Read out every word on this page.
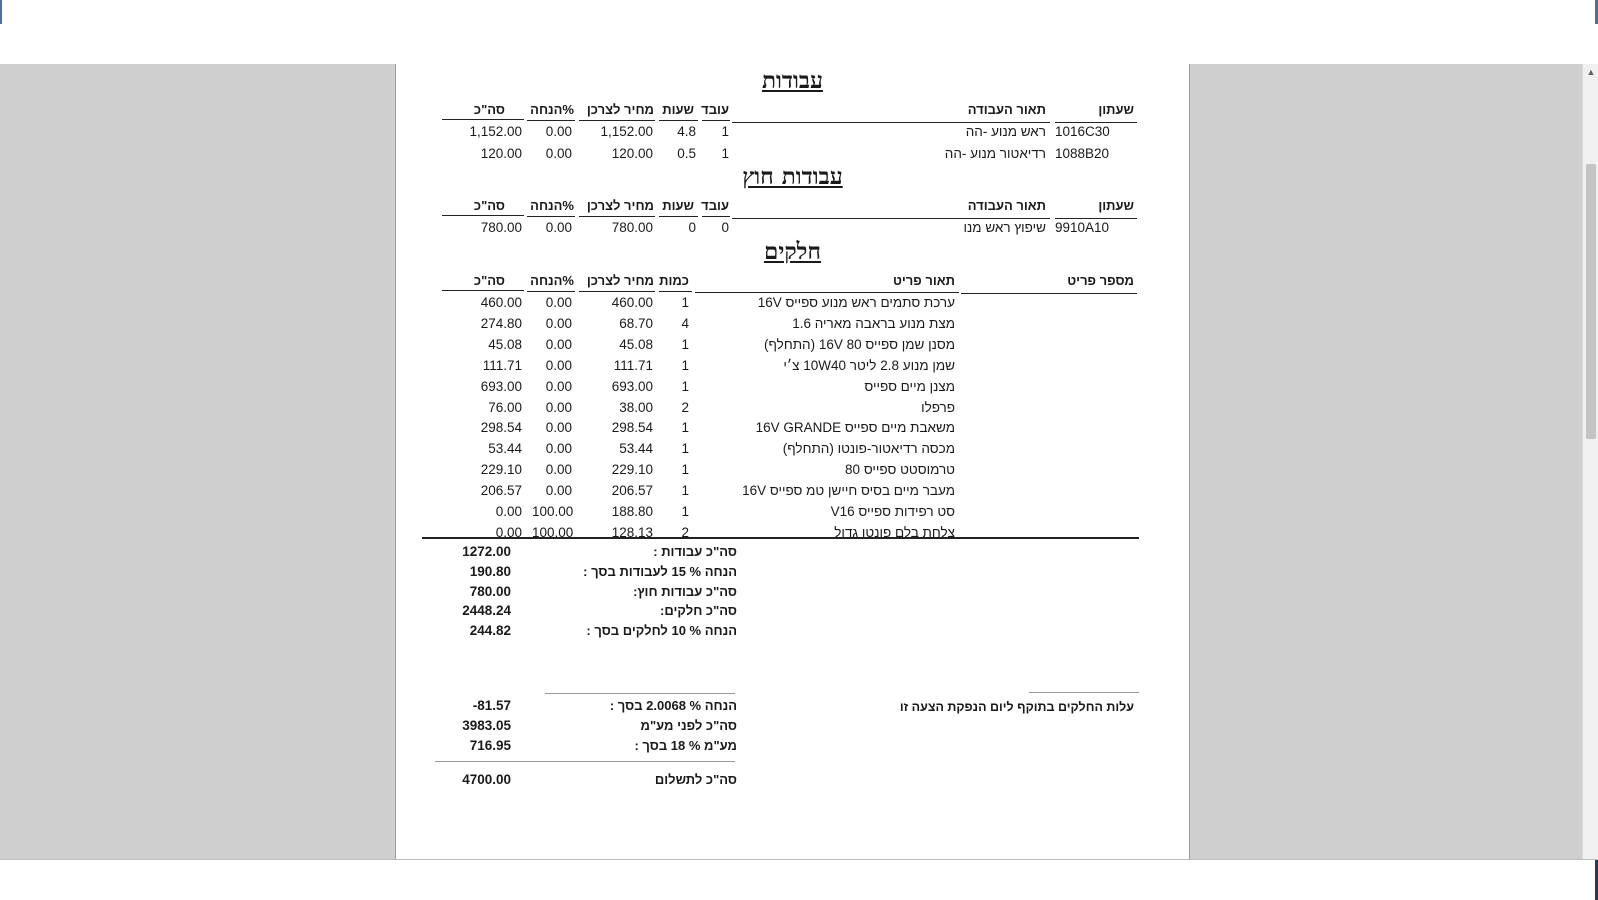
עבודות
שעתון
תאור העבודה
עובד
שעות
מחיר לצרכן
%הנחה
סה"כ
1016C30
ראש מנוע -הה
1
4.8
1,152.00
0.00
1,152.00
1088B20
רדיאטור מנוע -הה
1
0.5
120.00
0.00
120.00
עבודות חוץ
שעתון
תאור העבודה
עובד
שעות
מחיר לצרכן
%הנחה
סה"כ
9910A10
שיפוץ ראש מנו
0
0
780.00
0.00
780.00
חלקים
מספר פריט
תאור פריט
כמות
מחיר לצרכן
%הנחה
סה"כ
ערכת סתמים ראש מנוע ספייס 16V
1
460.00
0.00
460.00
מצת מנוע בראבה מאריה 1.6
4
68.70
0.00
274.80
מסנן שמן ספייס 80 16V (התחלף)
1
45.08
0.00
45.08
שמן מנוע 2.8 ליטר 10W40 צ׳י
1
111.71
0.00
111.71
מצנן מיים ספייס
1
693.00
0.00
693.00
פרפלו
2
38.00
0.00
76.00
משאבת מיים ספייס 16V GRANDE
1
298.54
0.00
298.54
מכסה רדיאטור-פונטו (התחלף)
1
53.44
0.00
53.44
טרמוסטט ספייס 80
1
229.10
0.00
229.10
מעבר מיים בסיס חיישן טמ ספייס 16V
1
206.57
0.00
206.57
סט רפידות ספייס V16
1
188.80
100.00
0.00
צלחת בלם פונטו גדול
2
128.13
100.00
0.00
סה"כ עבודות :
1272.00
הנחה % 15 לעבודות בסך :
190.80
סה"כ עבודות חוץ:
780.00
סה"כ חלקים:
2448.24
הנחה % 10 לחלקים בסך :
244.82
עלות החלקים בתוקף ליום הנפקת הצעה זו
הנחה % 2.0068 בסך :
-81.57
סה"כ לפני מע"מ
3983.05
מע"מ % 18 בסך :
716.95
סה"כ לתשלום
4700.00
▲
